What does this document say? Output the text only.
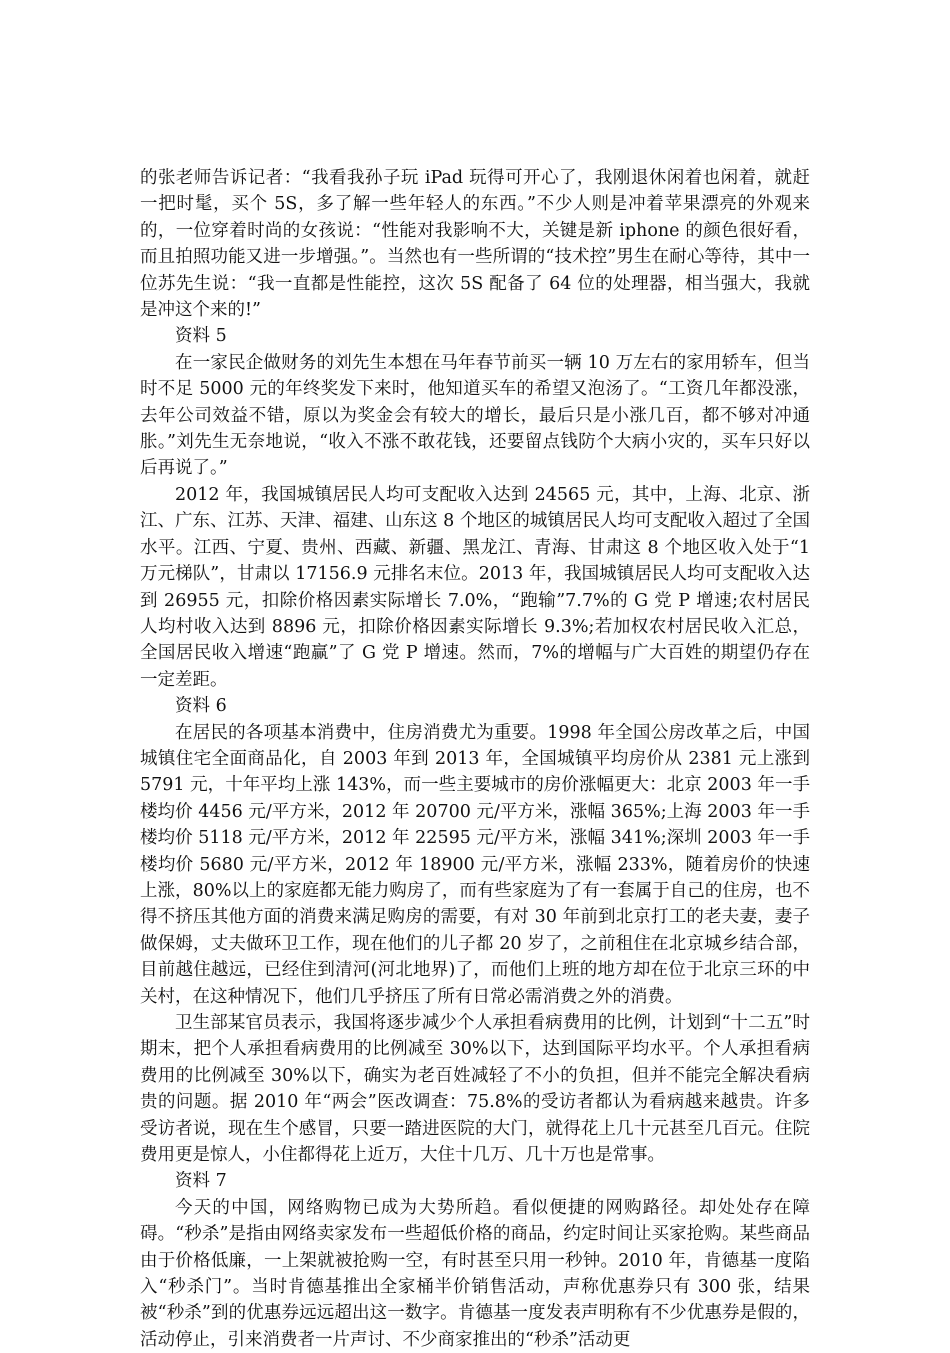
的张老师告诉记者：“我看我孙子玩 iPad 玩得可开心了，我刚退休闲着也闲着，就赶一把时髦，买个 5S，多了解一些年轻人的东西。”不少人则是冲着苹果漂亮的外观来的，一位穿着时尚的女孩说：“性能对我影响不大，关键是新 iphone 的颜色很好看，而且拍照功能又进一步增强。”。当然也有一些所谓的“技术控”男生在耐心等待，其中一位苏先生说：“我一直都是性能控，这次 5S 配备了 64 位的处理器，相当强大，我就是冲这个来的!”

资料 5

在一家民企做财务的刘先生本想在马年春节前买一辆 10 万左右的家用轿车，但当时不足 5000 元的年终奖发下来时，他知道买车的希望又泡汤了。“工资几年都没涨，去年公司效益不错，原以为奖金会有较大的增长，最后只是小涨几百，都不够对冲通胀。”刘先生无奈地说，“收入不涨不敢花钱，还要留点钱防个大病小灾的，买车只好以后再说了。”

2012 年，我国城镇居民人均可支配收入达到 24565 元，其中，上海、北京、浙江、广东、江苏、天津、福建、山东这 8 个地区的城镇居民人均可支配收入超过了全国水平。江西、宁夏、贵州、西藏、新疆、黑龙江、青海、甘肃这 8 个地区收入处于“1 万元梯队”，甘肃以 17156.9 元排名末位。2013 年，我国城镇居民人均可支配收入达到 26955 元，扣除价格因素实际增长 7.0%，“跑输”7.7%的 G 党 P 增速;农村居民人均村收入达到 8896 元，扣除价格因素实际增长 9.3%;若加权农村居民收入汇总，全国居民收入增速“跑赢”了 G 党 P 增速。然而，7%的增幅与广大百姓的期望仍存在一定差距。

资料 6

在居民的各项基本消费中，住房消费尤为重要。1998 年全国公房改革之后，中国城镇住宅全面商品化，自 2003 年到 2013 年，全国城镇平均房价从 2381 元上涨到 5791 元，十年平均上涨 143%，而一些主要城市的房价涨幅更大：北京 2003 年一手楼均价 4456 元/平方米，2012 年 20700 元/平方米，涨幅 365%;上海 2003 年一手楼均价 5118 元/平方米，2012 年 22595 元/平方米，涨幅 341%;深圳 2003 年一手楼均价 5680 元/平方米，2012 年 18900 元/平方米，涨幅 233%，随着房价的快速上涨，80%以上的家庭都无能力购房了，而有些家庭为了有一套属于自己的住房，也不得不挤压其他方面的消费来满足购房的需要，有对 30 年前到北京打工的老夫妻，妻子做保姆，丈夫做环卫工作，现在他们的儿子都 20 岁了，之前租住在北京城乡结合部，目前越住越远，已经住到清河(河北地界)了，而他们上班的地方却在位于北京三环的中关村，在这种情况下，他们几乎挤压了所有日常必需消费之外的消费。

卫生部某官员表示，我国将逐步减少个人承担看病费用的比例，计划到“十二五”时期末，把个人承担看病费用的比例减至 30%以下，达到国际平均水平。个人承担看病费用的比例减至 30%以下，确实为老百姓减轻了不小的负担，但并不能完全解决看病贵的问题。据 2010 年“两会”医改调查：75.8%的受访者都认为看病越来越贵。许多受访者说，现在生个感冒，只要一踏进医院的大门，就得花上几十元甚至几百元。住院费用更是惊人，小住都得花上近万，大住十几万、几十万也是常事。

资料 7

今天的中国，网络购物已成为大势所趋。看似便捷的网购路径。却处处存在障碍。“秒杀”是指由网络卖家发布一些超低价格的商品，约定时间让买家抢购。某些商品由于价格低廉，一上架就被抢购一空，有时甚至只用一秒钟。2010 年，肯德基一度陷入“秒杀门”。当时肯德基推出全家桶半价销售活动，声称优惠券只有 300 张，结果被“秒杀”到的优惠券远远超出这一数字。肯德基一度发表声明称有不少优惠券是假的，活动停止，引来消费者一片声讨、不少商家推出的“秒杀”活动更
